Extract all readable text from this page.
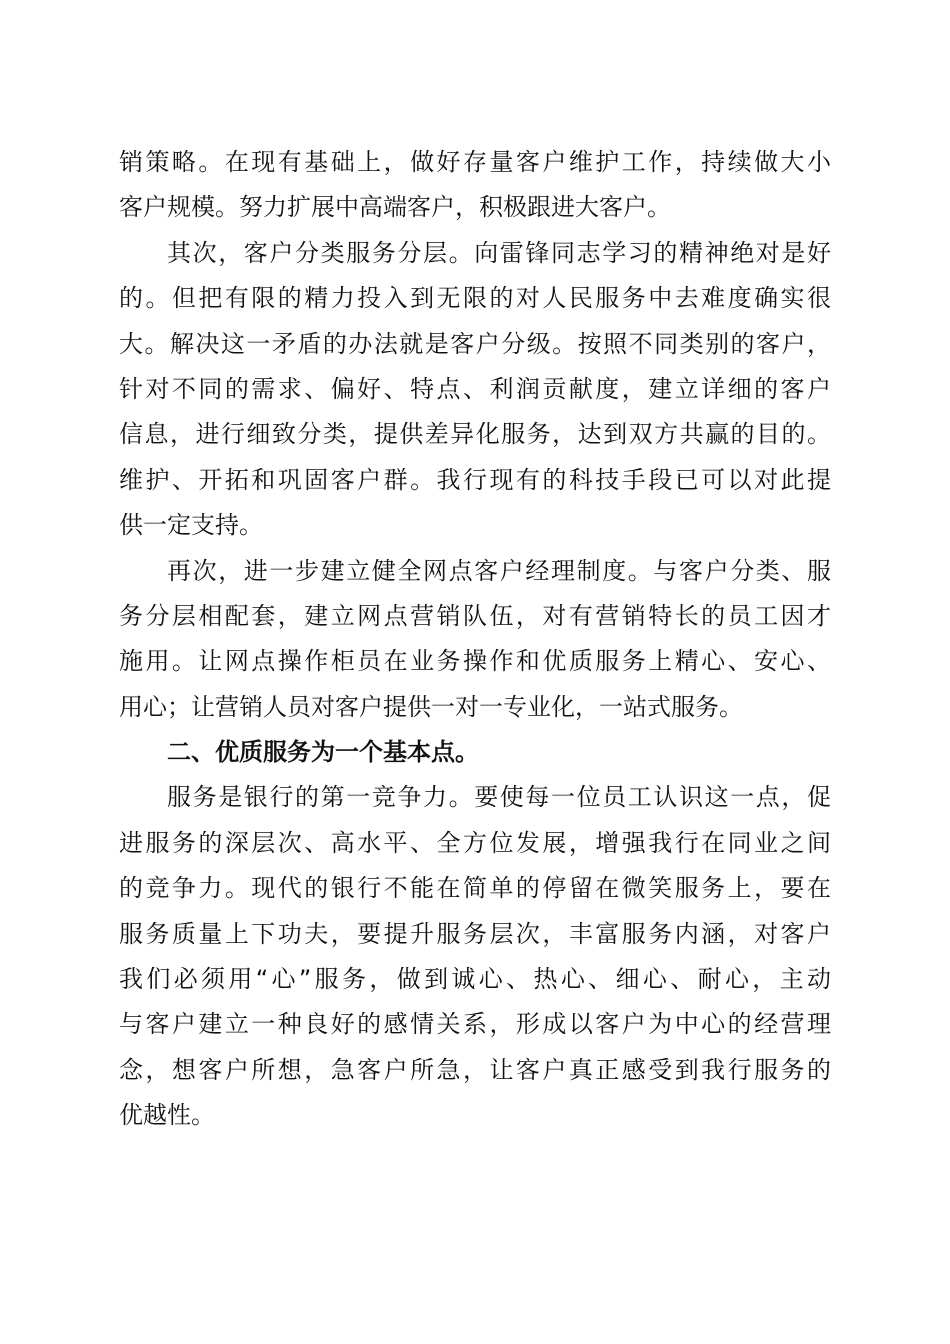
销策略。在现有基础上，做好存量客户维护工作，持续做大小
客户规模。努力扩展中高端客户，积极跟进大客户。
其次，客户分类服务分层。向雷锋同志学习的精神绝对是好
的。但把有限的精力投入到无限的对人民服务中去难度确实很
大。解决这一矛盾的办法就是客户分级。按照不同类别的客户，
针对不同的需求、偏好、特点、利润贡献度，建立详细的客户
信息，进行细致分类，提供差异化服务，达到双方共赢的目的。
维护、开拓和巩固客户群。我行现有的科技手段已可以对此提
供一定支持。
再次，进一步建立健全网点客户经理制度。与客户分类、服
务分层相配套，建立网点营销队伍，对有营销特长的员工因才
施用。让网点操作柜员在业务操作和优质服务上精心、安心、
用心；让营销人员对客户提供一对一专业化，一站式服务。
二、优质服务为一个基本点。
服务是银行的第一竞争力。要使每一位员工认识这一点，促
进服务的深层次、高水平、全方位发展，增强我行在同业之间
的竞争力。现代的银行不能在简单的停留在微笑服务上，要在
服务质量上下功夫，要提升服务层次，丰富服务内涵，对客户
我们必须用“心”服务，做到诚心、热心、细心、耐心，主动
与客户建立一种良好的感情关系，形成以客户为中心的经营理
念，想客户所想，急客户所急，让客户真正感受到我行服务的
优越性。
